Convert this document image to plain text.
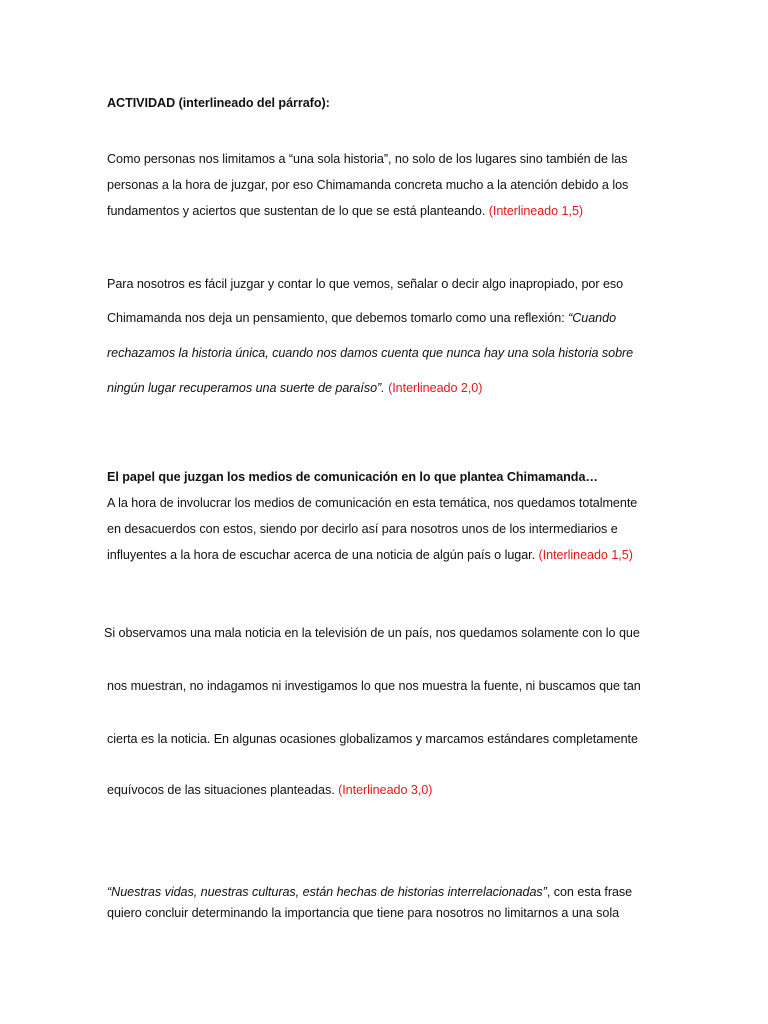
ACTIVIDAD (interlineado del párrafo):
Como personas nos limitamos a “una sola historia”, no solo de los lugares sino también de las
personas a la hora de juzgar, por eso Chimamanda concreta mucho a la atención debido a los
fundamentos y aciertos que sustentan de lo que se está planteando. (Interlineado 1,5)
Para nosotros es fácil juzgar y contar lo que vemos, señalar o decir algo inapropiado, por eso
Chimamanda nos deja un pensamiento, que debemos tomarlo como una reflexión: “Cuando
rechazamos la historia única, cuando nos damos cuenta que nunca hay una sola historia sobre
ningún lugar recuperamos una suerte de paraíso”. (Interlineado 2,0)
El papel que juzgan los medios de comunicación en lo que plantea Chimamanda…
A la hora de involucrar los medios de comunicación en esta temática, nos quedamos totalmente
en desacuerdos con estos, siendo por decirlo así para nosotros unos de los intermediarios e
influyentes a la hora de escuchar acerca de una noticia de algún país o lugar. (Interlineado 1,5)
Si observamos una mala noticia en la televisión de un país, nos quedamos solamente con lo que
nos muestran, no indagamos ni investigamos lo que nos muestra la fuente, ni buscamos que tan
cierta es la noticia. En algunas ocasiones globalizamos y marcamos estándares completamente
equívocos de las situaciones planteadas. (Interlineado 3,0)
“Nuestras vidas, nuestras culturas, están hechas de historias interrelacionadas”, con esta frase
quiero concluir determinando la importancia que tiene para nosotros no limitarnos a una sola
